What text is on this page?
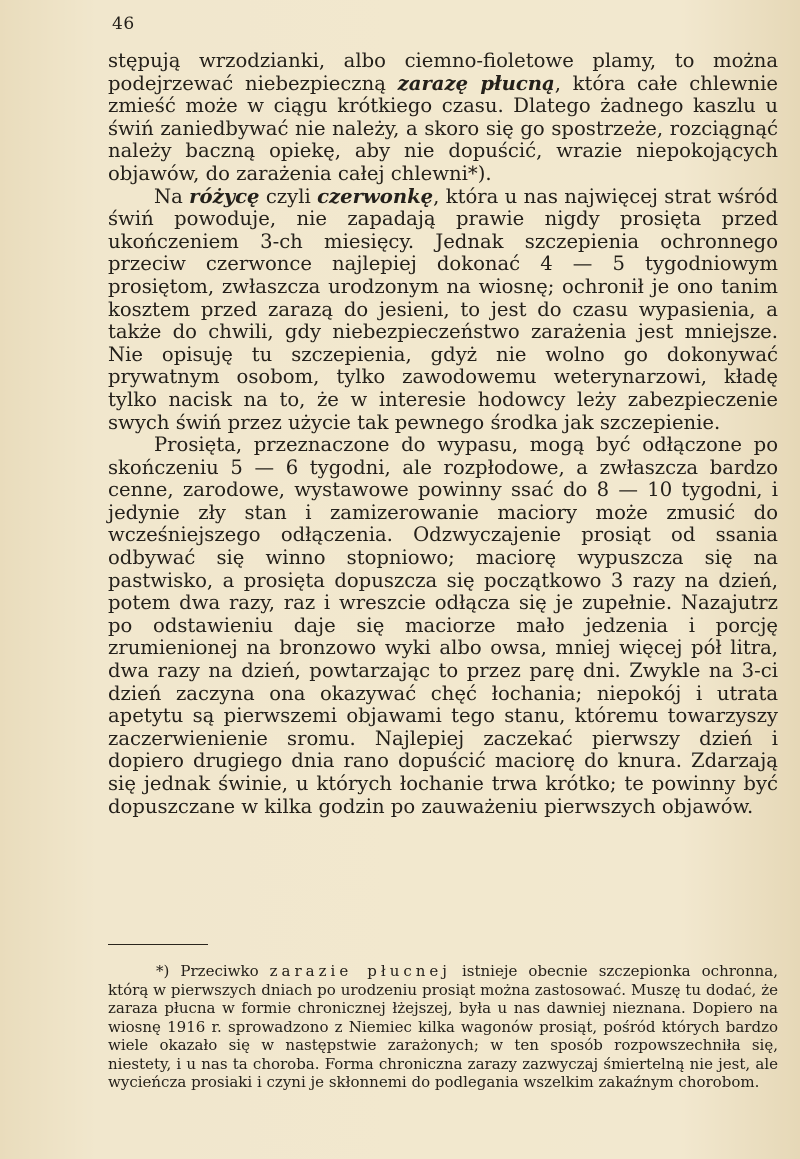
46

stępują wrzodzianki, albo ciemno-fioletowe plamy, to można podejrzewać niebezpieczną zarazę płucną, która całe chlewnie zmieść może w ciągu krótkiego czasu. Dlatego żadnego kaszlu u świń zaniedbywać nie należy, a skoro się go spostrzeże, rozciągnąć należy baczną opiekę, aby nie dopuścić, wrazie niepokojących objawów, do zarażenia całej chlewni*).

Na różycę czyli czerwonkę, która u nas najwięcej strat wśród świń powoduje, nie zapadają prawie nigdy prosięta przed ukończeniem 3-ch miesięcy. Jednak szczepienia ochronnego przeciw czerwonce najlepiej dokonać 4 — 5 tygodniowym prosiętom, zwłaszcza urodzonym na wiosnę; ochronił je ono tanim kosztem przed zarazą do jesieni, to jest do czasu wypasienia, a także do chwili, gdy niebezpieczeństwo zarażenia jest mniejsze. Nie opisuję tu szczepienia, gdyż nie wolno go dokonywać prywatnym osobom, tylko zawodowemu weterynarzowi, kładę tylko nacisk na to, że w interesie hodowcy leży zabezpieczenie swych świń przez użycie tak pewnego środka jak szczepienie.

Prosięta, przeznaczone do wypasu, mogą być odłączone po skończeniu 5 — 6 tygodni, ale rozpłodowe, a zwłaszcza bardzo cenne, zarodowe, wystawowe powinny ssać do 8 — 10 tygodni, i jedynie zły stan i zamizerowanie maciory może zmusić do wcześniejszego odłączenia. Odzwyczajenie prosiąt od ssania odbywać się winno stopniowo; maciorę wypuszcza się na pastwisko, a prosięta dopuszcza się początkowo 3 razy na dzień, potem dwa razy, raz i wreszcie odłącza się je zupełnie. Nazajutrz po odstawieniu daje się maciorze mało jedzenia i porcję zrumienionej na bronzowo wyki albo owsa, mniej więcej pół litra, dwa razy na dzień, powtarzając to przez parę dni. Zwykle na 3-ci dzień zaczyna ona okazywać chęć łochania; niepokój i utrata apetytu są pierwszemi objawami tego stanu, któremu towarzyszy zaczerwienienie sromu. Najlepiej zaczekać pierwszy dzień i dopiero drugiego dnia rano dopuścić maciorę do knura. Zdarzają się jednak świnie, u których łochanie trwa krótko; te powinny być dopuszczane w kilka godzin po zauważeniu pierwszych objawów.

*) Przeciwko zarazie płucnej istnieje obecnie szczepionka ochronna, którą w pierwszych dniach po urodzeniu prosiąt można zastosować. Muszę tu dodać, że zaraza płucna w formie chronicznej łżejszej, była u nas dawniej nieznana. Dopiero na wiosnę 1916 r. sprowadzono z Niemiec kilka wagonów prosiąt, pośród których bardzo wiele okazało się w następstwie zarażonych; w ten sposób rozpowszechniła się, niestety, i u nas ta choroba. Forma chroniczna zarazy zazwyczaj śmiertelną nie jest, ale wycieńcza prosiaki i czyni je skłonnemi do podlegania wszelkim zakaźnym chorobom.
